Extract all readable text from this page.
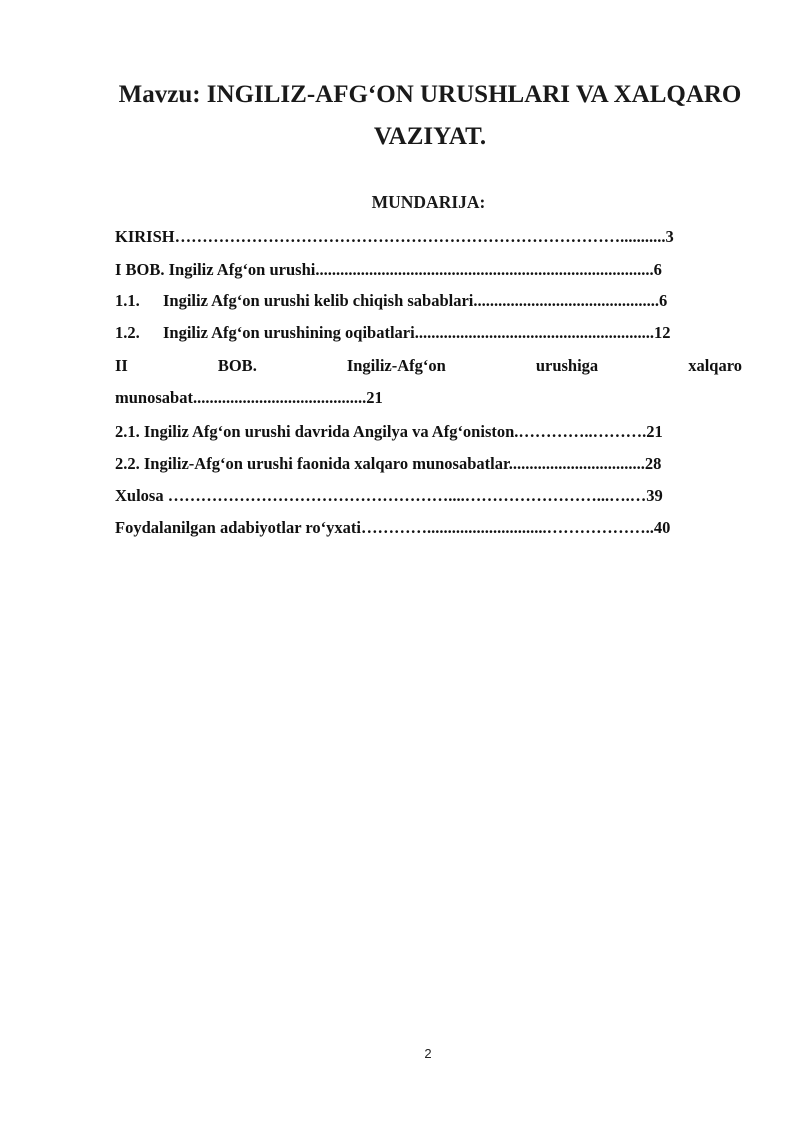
Mavzu: INGILIZ-AFG‘ON URUSHLARI VA XALQARO
VAZIYAT.
MUNDARIJA:
KIRISH………………………………………………………………………...........3
I BOB. Ingiliz Afg‘on urushi..................................................................................6
1.1. Ingiliz Afg‘on urushi kelib chiqish sabablari.............................................6
1.2. Ingiliz Afg‘on urushining oqibatlari..........................................................12
II	BOB.	Ingiliz-Afg‘on	urushiga	xalqaro
munosabat..........................................21
2.1. Ingiliz Afg‘on urushi davrida Angilya va Afg‘oniston.…………..……….21
2.2. Ingiliz-Afg‘on urushi faonida xalqaro munosabatlar.................................28
Xulosa ……………………………………………....……………………...….…39
Foydalanilgan adabiyotlar ro‘yxati………….............................………………..40
2
